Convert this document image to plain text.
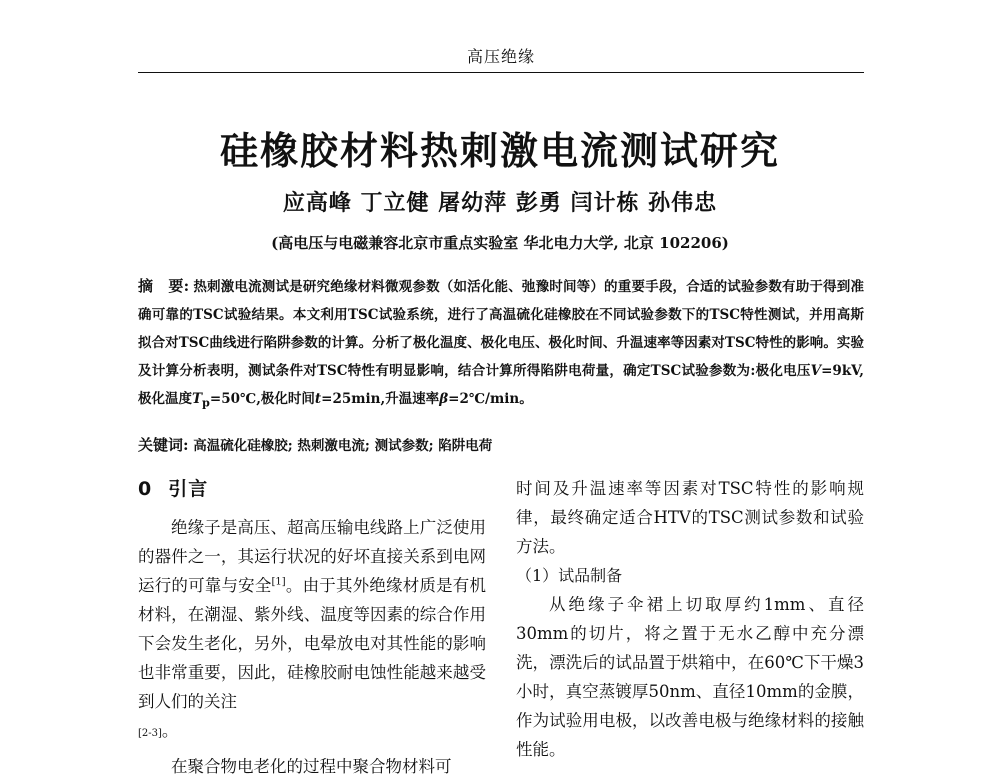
高压绝缘
硅橡胶材料热刺激电流测试研究
应高峰 丁立健 屠幼萍 彭勇 闫计栋 孙伟忠
(高电压与电磁兼容北京市重点实验室 华北电力大学, 北京 102206)
摘　要: 热刺激电流测试是研究绝缘材料微观参数（如活化能、弛豫时间等）的重要手段，合适的试验参数有助于得到准确可靠的TSC试验结果。本文利用TSC试验系统，进行了高温硫化硅橡胶在不同试验参数下的TSC特性测试，并用高斯拟合对TSC曲线进行陷阱参数的计算。分析了极化温度、极化电压、极化时间、升温速率等因素对TSC特性的影响。实验及计算分析表明，测试条件对TSC特性有明显影响，结合计算所得陷阱电荷量，确定TSC试验参数为:极化电压V=9kV,极化温度$T_p=50℃$,极化时间t=25min,升温速率β=2℃/min。
关键词: 高温硫化硅橡胶; 热刺激电流; 测试参数; 陷阱电荷
0 引言

绝缘子是高压、超高压输电线路上广泛使用的器件之一，其运行状况的好坏直接关系到电网运行的可靠与安全[1]。由于其外绝缘材质是有机材料，在潮湿、紫外线、温度等因素的综合作用下会发生老化，另外，电晕放电对其性能的影响也非常重要，因此，硅橡胶耐电蚀性能越来越受到人们的关注
[2-3]。

在聚合物电老化的过程中聚合物材料可

时间及升温速率等因素对TSC特性的影响规律，最终确定适合HTV的TSC测试参数和试验方法。

（1）试品制备

从绝缘子伞裙上切取厚约1mm、直径30mm的切片，将之置于无水乙醇中充分漂洗，漂洗后的试品置于烘箱中，在60℃下干燥3小时，真空蒸镀厚50nm、直径10mm的金膜，作为试验用电极，以改善电极与绝缘材料的接触性能。
